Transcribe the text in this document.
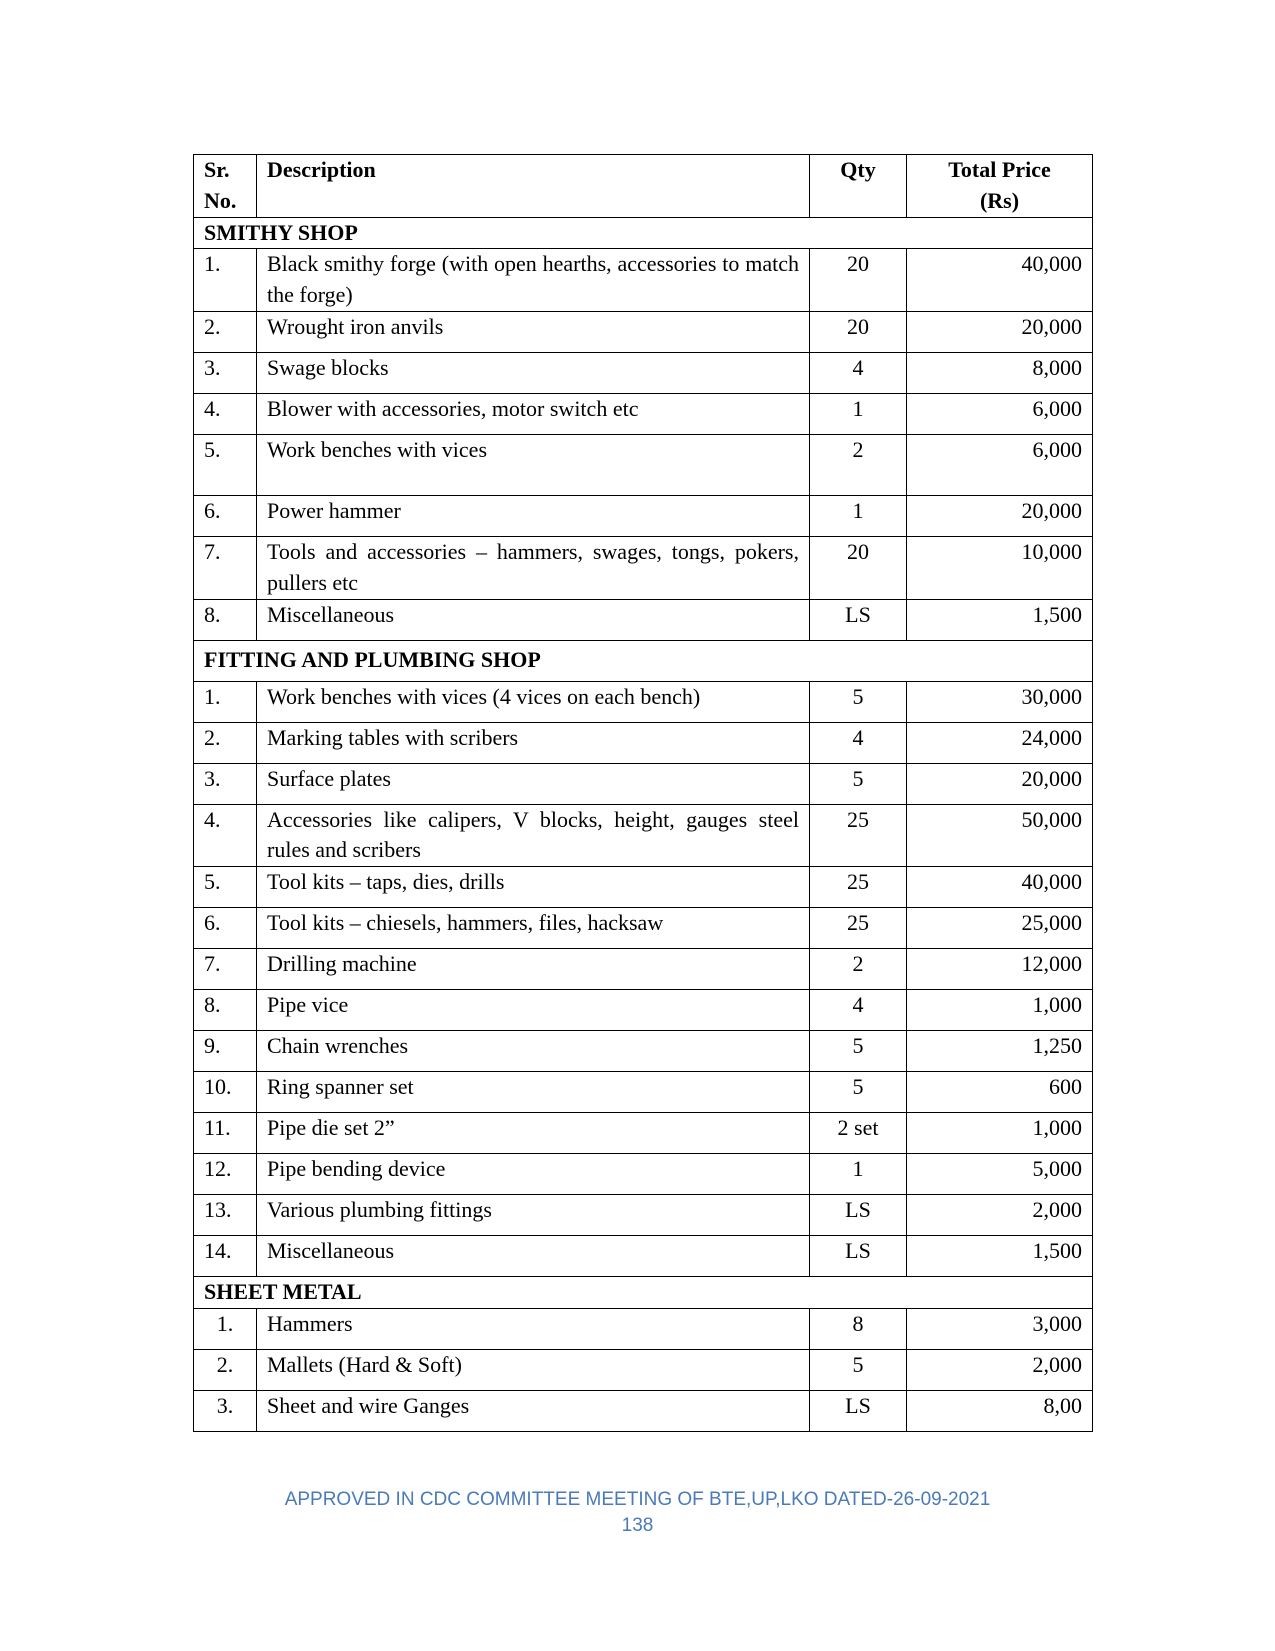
Sr. No.	Description	Qty	Total Price (Rs)
SMITHY SHOP			
1.	Black smithy forge (with open hearths, accessories to match the forge)	20	40,000
2.	Wrought iron anvils	20	20,000
3.	Swage blocks	4	8,000
4.	Blower with accessories, motor switch etc	1	6,000
5.	Work benches with vices	2	6,000
6.	Power hammer	1	20,000
7.	Tools and accessories – hammers, swages, tongs, pokers, pullers etc	20	10,000
8.	Miscellaneous	LS	1,500
FITTING AND PLUMBING SHOP			
1.	Work benches with vices (4 vices on each bench)	5	30,000
2.	Marking tables with scribers	4	24,000
3.	Surface plates	5	20,000
4.	Accessories like calipers, V blocks, height, gauges steel rules and scribers	25	50,000
5.	Tool kits – taps, dies, drills	25	40,000
6.	Tool kits – chiesels, hammers, files, hacksaw	25	25,000
7.	Drilling machine	2	12,000
8.	Pipe vice	4	1,000
9.	Chain wrenches	5	1,250
10.	Ring spanner set	5	600
11.	Pipe die set 2”	2 set	1,000
12.	Pipe bending device	1	5,000
13.	Various plumbing fittings	LS	2,000
14.	Miscellaneous	LS	1,500
SHEET METAL			
1.	Hammers	8	3,000
2.	Mallets (Hard & Soft)	5	2,000
3.	Sheet and wire Ganges	LS	8,00
APPROVED IN CDC COMMITTEE MEETING OF BTE,UP,LKO DATED-26-09-2021
138
